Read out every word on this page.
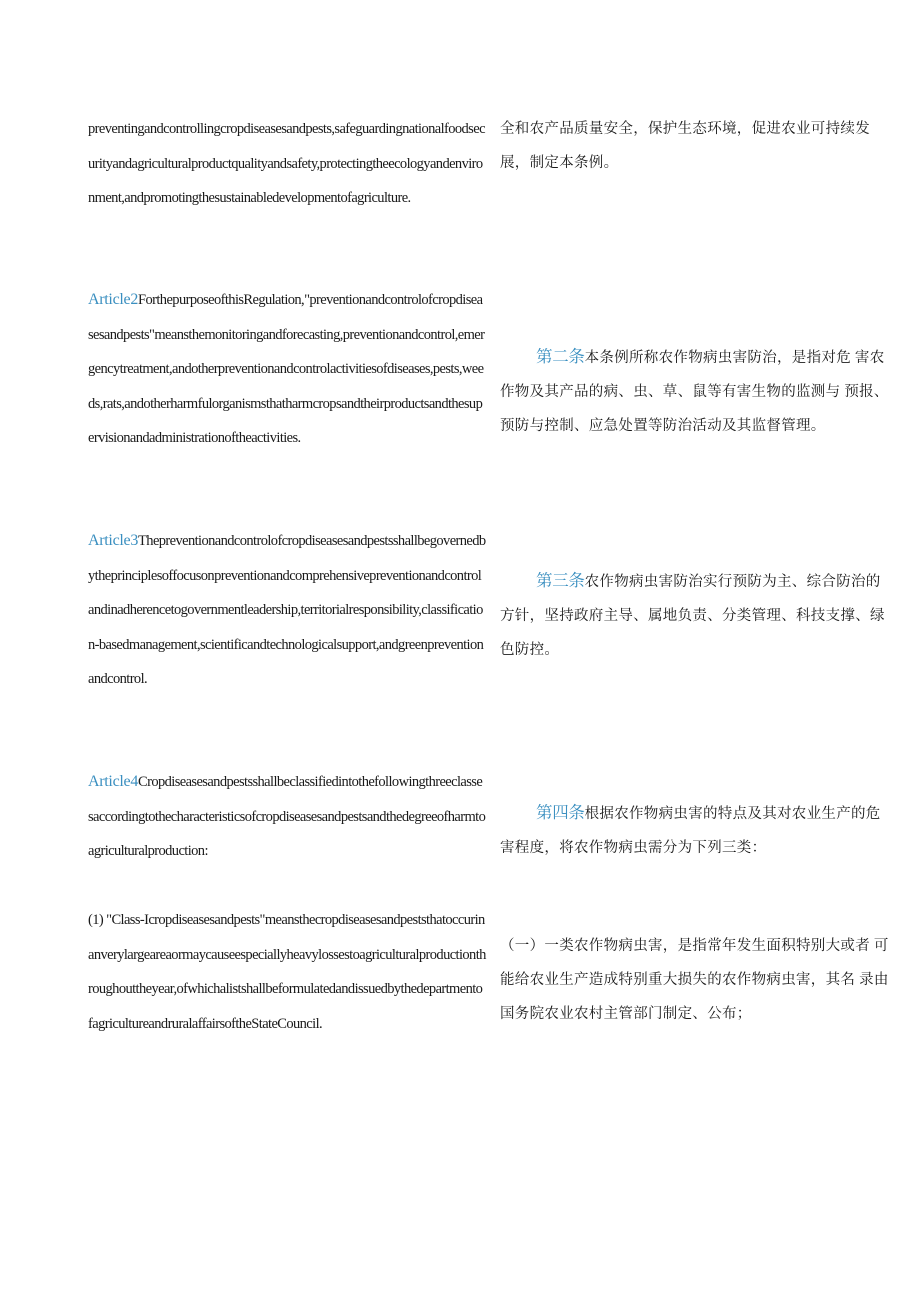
preventingandcontrollingcropdiseasesandpests,safeguardingnationalfoodsecurityandagriculturalproductqualityandsafety,protectingtheecologyandenvironment,andpromotingthesustainabledevelopmentofagriculture.

Article2ForthepurposeofthisRegulation,"preventionandcontrolofcropdiseasesandpests"meansthemonitoringandforecasting,preventionandcontrol,emergencytreatment,andotherpreventionandcontrolactivitiesofdiseases,pests,weeds,rats,andotherharmfulorganismsthatharmcropsandtheirproductsandthesupervisionandadministrationoftheactivities.

Article3Thepreventionandcontrolofcropdiseasesandpestsshallbegovernedbytheprinciplesoffocusonpreventionandcomprehensivepreventionandcontrolandinadherencetogovernmentleadership,territorialresponsibility,classification-basedmanagement,scientificandtechnologicalsupport,andgreenpreventionandcontrol.

Article4Cropdiseasesandpestsshallbeclassifiedintothefollowingthreeclassesaccordingtothecharacteristicsofcropdiseasesandpestsandthedegreeofharmtoagriculturalproduction:

(1) "Class-Icropdiseasesandpests"meansthecropdiseasesandpeststhatoccurinanverylargeareaormaycauseespeciallyheavylossestoagriculturalproductionthroughouttheyear,ofwhichalistshallbeformulatedandissuedbythedepartmentofagricultureandruralaffairsoftheStateCouncil.

全和农产品质量安全，保护生态环境，促进农业可持续发展，制定本条例。

第二条本条例所称农作物病虫害防治，是指对危 害农作物及其产品的病、虫、草、鼠等有害生物的监测与 预报、预防与控制、应急处置等防治活动及其监督管理。

第三条农作物病虫害防治实行预防为主、综合防治的方针，坚持政府主导、属地负责、分类管理、科技支撑、绿色防控。

第四条根据农作物病虫害的特点及其对农业生产的危害程度，将农作物病虫需分为下列三类：

（一）一类农作物病虫害，是指常年发生面积特别大或者 可能给农业生产造成特别重大损失的农作物病虫害，其名 录由国务院农业农村主管部门制定、公布；
